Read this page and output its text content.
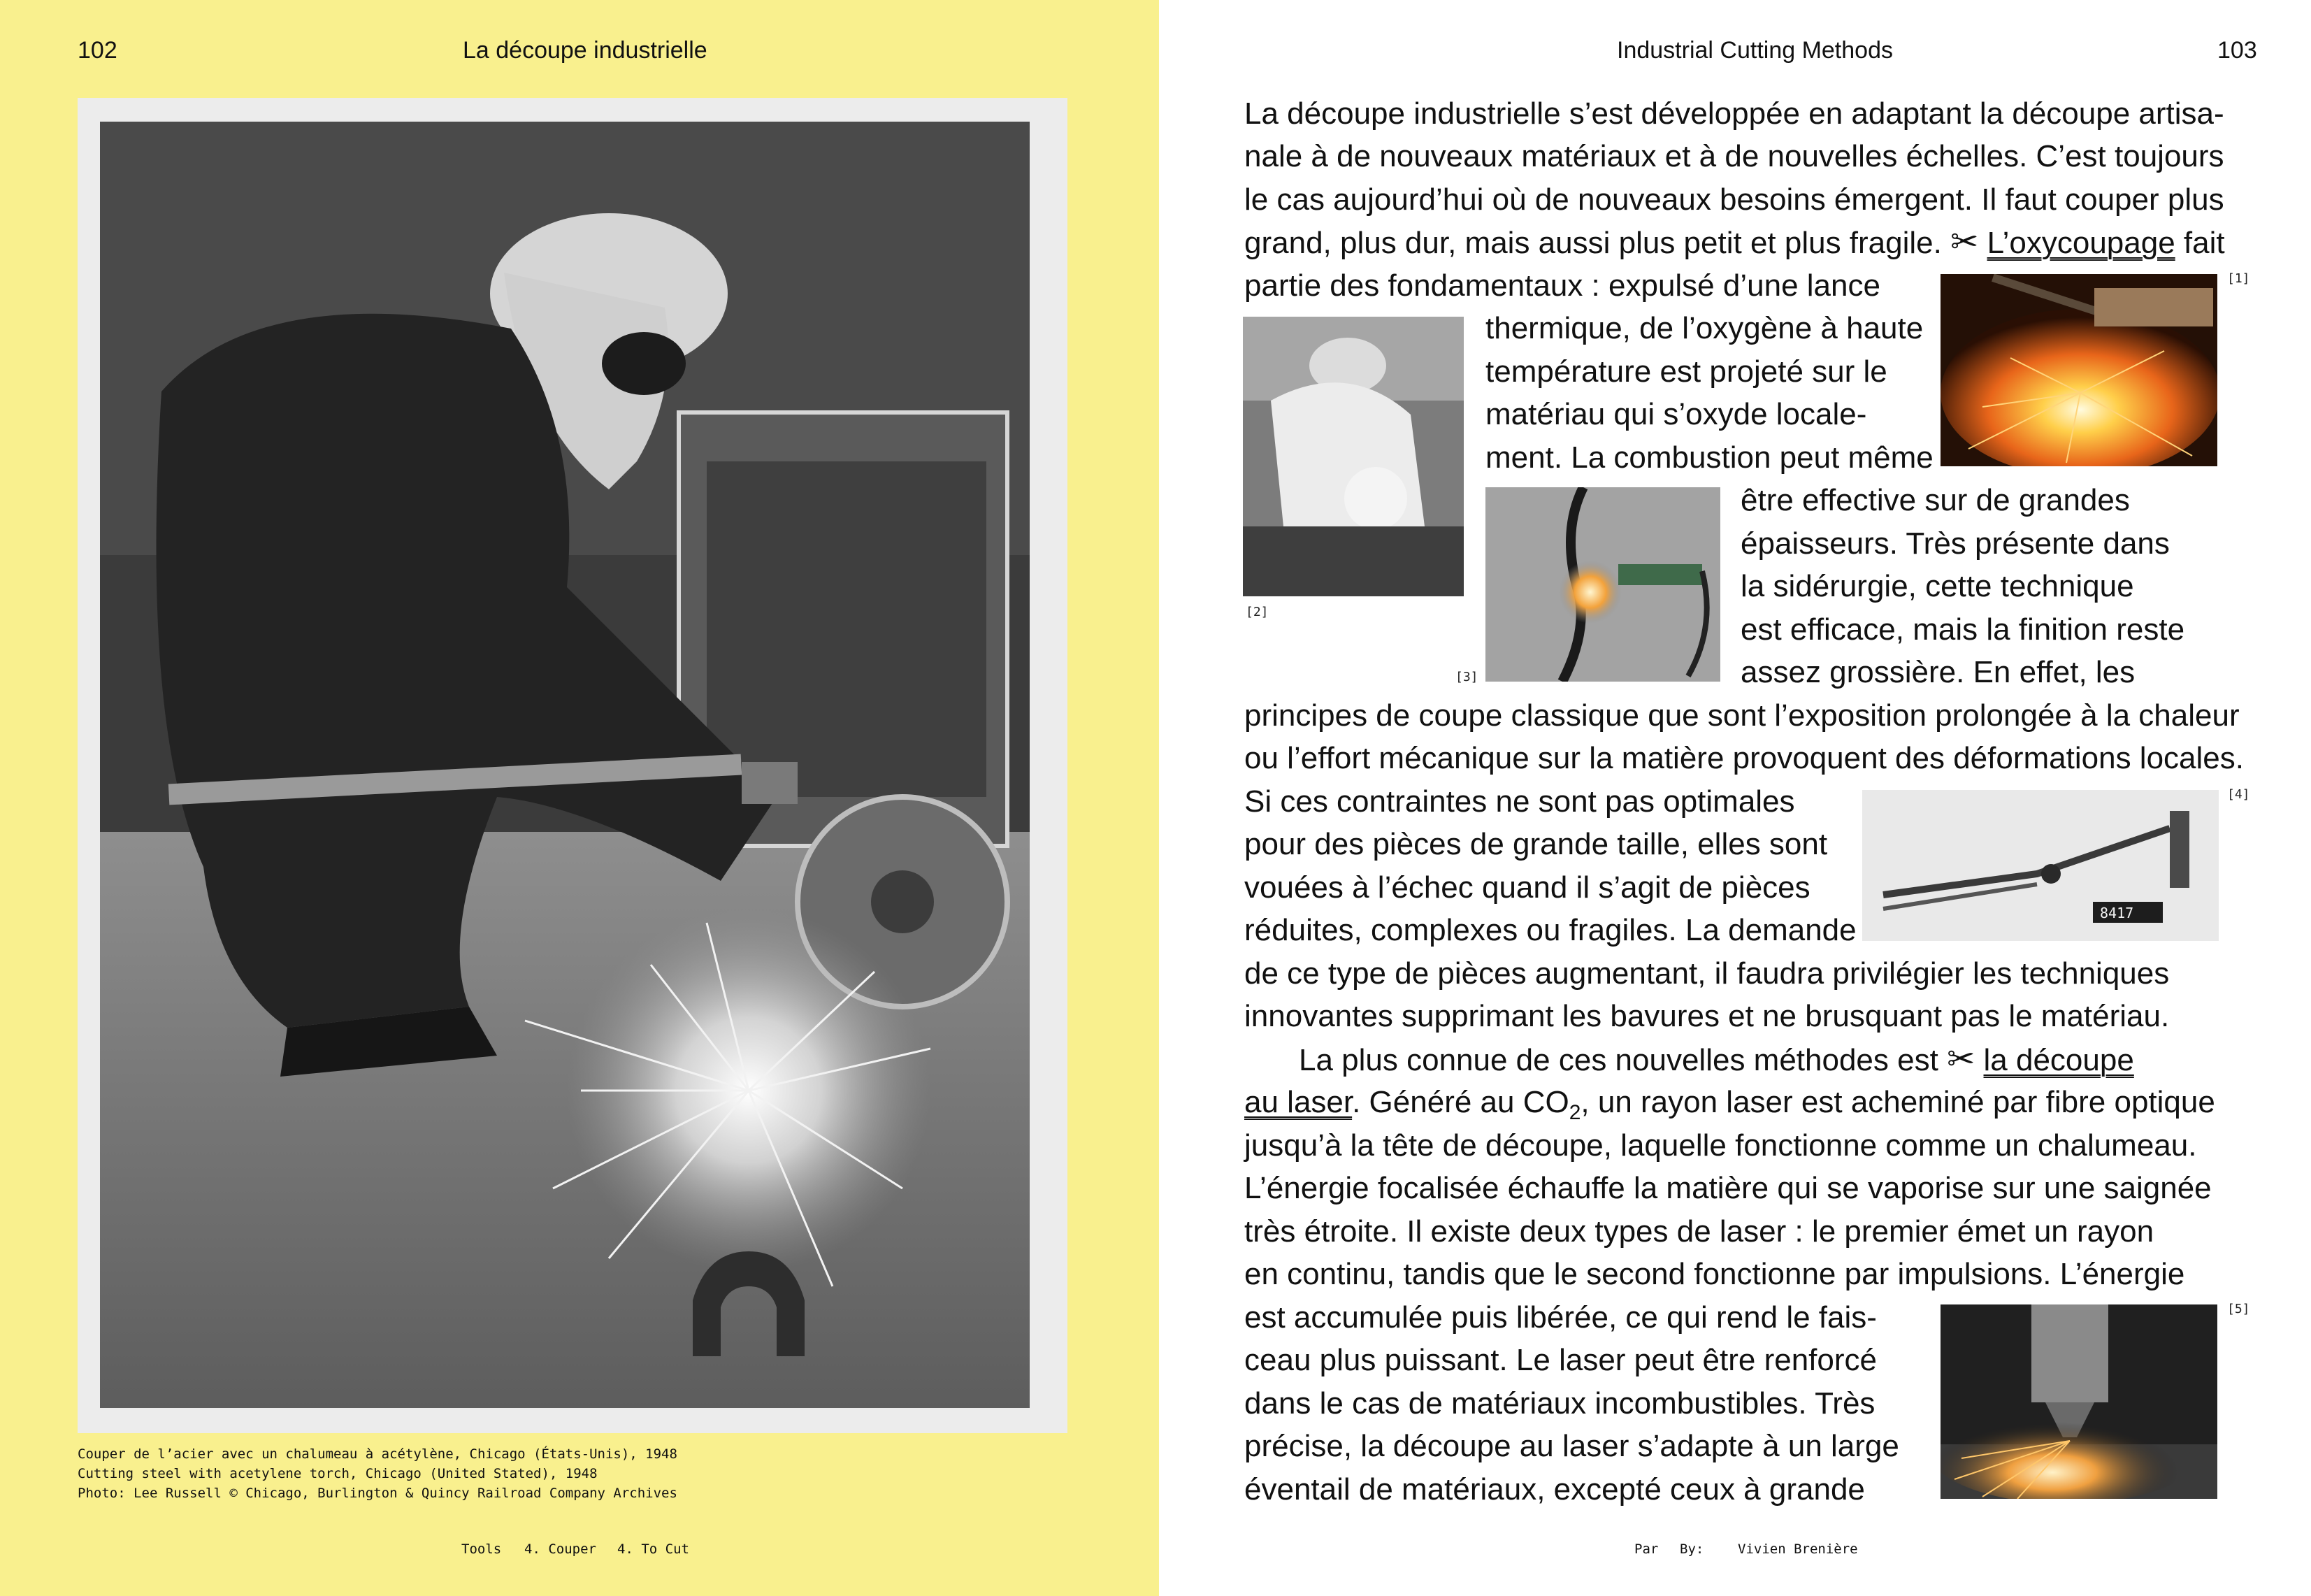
102	La découpe industrielle
Couper de l’acier avec un chalumeau à acétylène, Chicago (États-Unis), 1948
Cutting steel with acetylene torch, Chicago (United Stated), 1948
Photo: Lee Russell © Chicago, Burlington & Quincy Railroad Company Archives
Tools 4. Couper 4. To Cut
Industrial Cutting Methods	103
[1]
[2]
[3]
8417
[4]
[5]
La découpe industrielle s’est développée en adaptant la découpe artisa-
nale à de nouveaux matériaux et à de nouvelles échelles. C’est toujours
le cas aujourd’hui où de nouveaux besoins émergent. Il faut couper plus
grand, plus dur, mais aussi plus petit et plus fragile. ✂ L’oxycoupage fait
partie des fondamentaux : expulsé d’une lance
thermique, de l’oxygène à haute
température est projeté sur le
matériau qui s’oxyde locale-
ment. La combustion peut même
être effective sur de grandes
épaisseurs. Très présente dans
la sidérurgie, cette technique
est efficace, mais la finition reste
assez grossière. En effet, les
principes de coupe classique que sont l’exposition prolongée à la chaleur
ou l’effort mécanique sur la matière provoquent des déformations locales.
Si ces contraintes ne sont pas optimales
pour des pièces de grande taille, elles sont
vouées à l’échec quand il s’agit de pièces
réduites, complexes ou fragiles. La demande
de ce type de pièces augmentant, il faudra privilégier les techniques
innovantes supprimant les bavures et ne brusquant pas le matériau.
La plus connue de ces nouvelles méthodes est ✂ la découpe
au laser. Généré au $CO_2$, un rayon laser est acheminé par fibre optique
jusqu’à la tête de découpe, laquelle fonctionne comme un chalumeau.
L’énergie focalisée échauffe la matière qui se vaporise sur une saignée
très étroite. Il existe deux types de laser : le premier émet un rayon
en continu, tandis que le second fonctionne par impulsions. L’énergie
est accumulée puis libérée, ce qui rend le fais-
ceau plus puissant. Le laser peut être renforcé
dans le cas de matériaux incombustibles. Très
précise, la découpe au laser s’adapte à un large
éventail de matériaux, excepté ceux à grande
Par By:	Vivien Brenière
